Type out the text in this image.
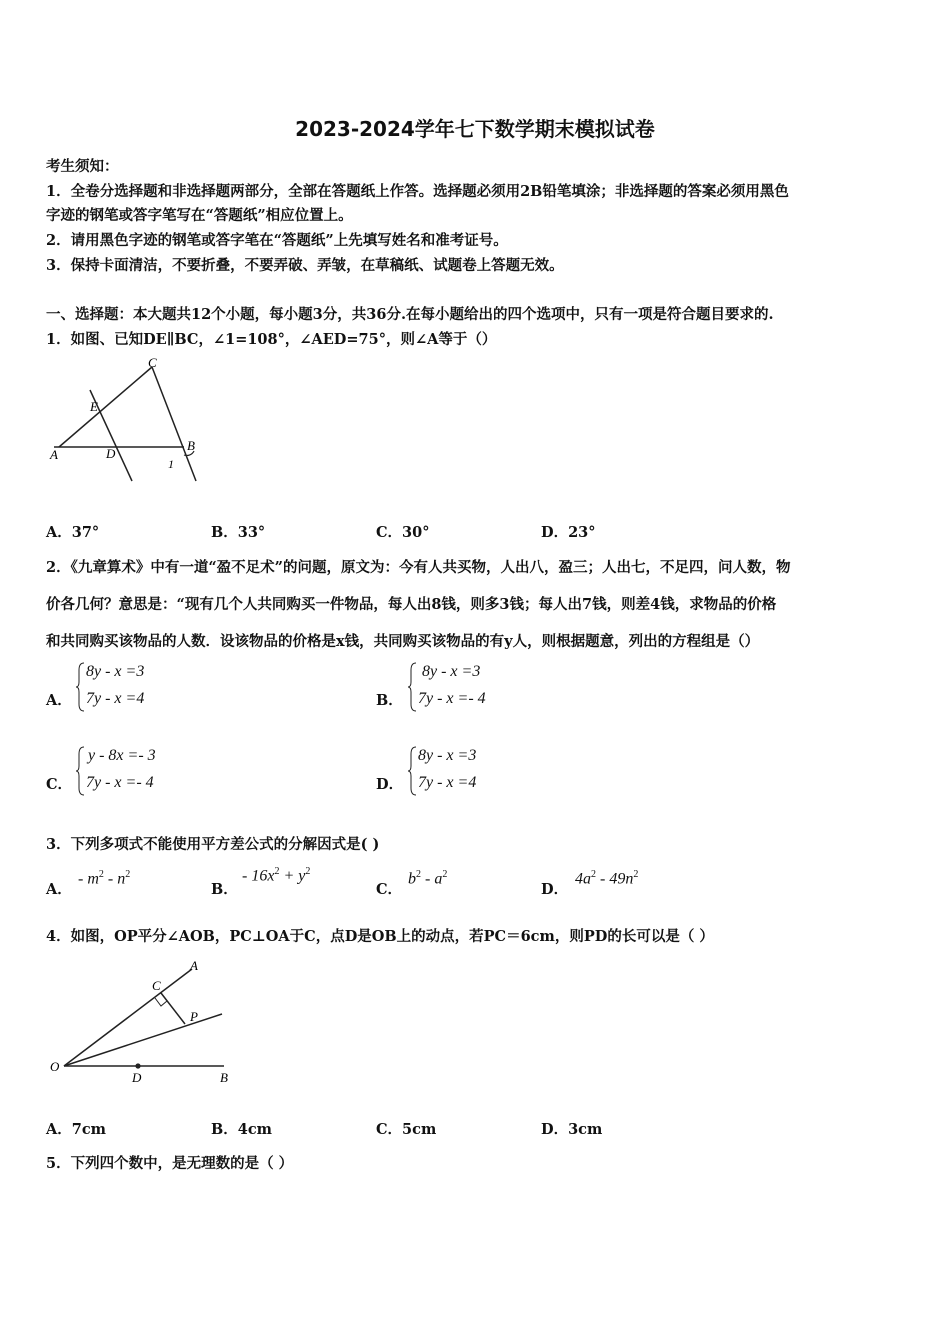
2023-2024学年七下数学期末模拟试卷
考生须知：
1．全卷分选择题和非选择题两部分，全部在答题纸上作答。选择题必须用2B铅笔填涂；非选择题的答案必须用黑色
字迹的钢笔或答字笔写在“答题纸”相应位置上。
2．请用黑色字迹的钢笔或答字笔在“答题纸”上先填写姓名和准考证号。
3．保持卡面清洁，不要折叠，不要弄破、弄皱，在草稿纸、试题卷上答题无效。
一、选择题：本大题共12个小题，每小题3分，共36分.在每小题给出的四个选项中，只有一项是符合题目要求的.
1．如图、已知DE∥BC，∠1=108°，∠AED=75°，则∠A等于（）
C
E
A	D
B
1
A．37°	B．33°	C．30°	D．23°
2．《九章算术》中有一道“盈不足术”的问题，原文为：今有人共买物，人出八，盈三；人出七，不足四，问人数，物
价各几何？意思是：“现有几个人共同购买一件物品，每人出8钱，则多3钱；每人出7钱，则差4钱，求物品的价格
和共同购买该物品的人数．设该物品的价格是x钱，共同购买该物品的有y人，则根据题意，列出的方程组是（）
A．
8y - x =3
7y - x =4	B．
8y - x =3
7y - x =- 4
C．
y - 8x =- 3
7y - x =- 4	D．
8y - x =3
7y - x =4
3．下列多项式不能使用平方差公式的分解因式是( )
A．
- $m^2 - n^2$
B．
- $16x^2 + y^2$
C．
$b^2 - a^2$
D．
$4a^2 - 49n^2$
4．如图，OP平分∠AOB，PC⊥OA于C，点D是OB上的动点，若PC＝6cm，则PD的长可以是（ ）
O
A
C
P
D	B
A．7cm	B．4cm	C．5cm	D．3cm
5．下列四个数中，是无理数的是（ ）
